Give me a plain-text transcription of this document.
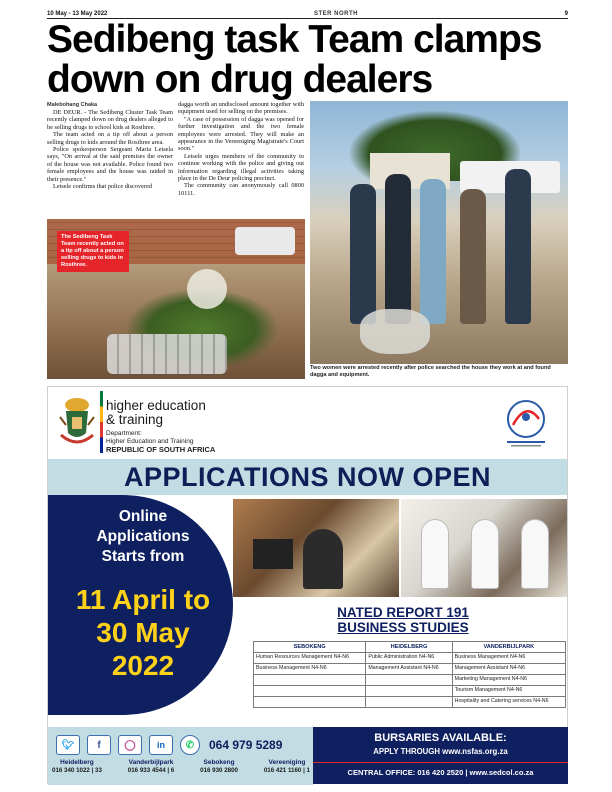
10 May - 13 May 2022	STER NORTH	9
Sedibeng task Team clamps down on drug dealers
Malebohang Chaka

DE DEUR. - The Sedibeng Cluster Task Team recently clamped down on drug dealers alleged to be selling drugs to school kids at Rosihree.

The team acted on a tip off about a person selling drugs to kids around the Rosihree area.

Police spokesperson Sergeant Maria Letsela says, "On arrival at the said premises the owner of the house was not available. Police found two female employees and the house was raided in their presence."

Letsele confirms that police discovered

dagga worth an undisclosed amount together with equipment used for selling on the premises.

"A case of possession of dagga was opened for further investigation and the two female employees were arrested. They will make an appearance in the Vereeniging Magistrate's Court soon."

Letsele urges members of the community to continue working with the police and giving out information regarding illegal activities taking place in the De Deur policing precinct.

The community can anonymously call 0800 10111.

The Sedibeng Task Team recently acted on a tip off about a person selling drugs to kids in Rosihree.
Two women were arrested recently after police searched the house they work at and found dagga and equipment.
higher education
& training
Department:
Higher Education and Training
REPUBLIC OF SOUTH AFRICA
APPLICATIONS NOW OPEN
Online
Applications
Starts from
11 April to
30 May
2022
NATED REPORT 191
BUSINESS STUDIES
SEBOKENG	HEIDELBERG	VANDERBIJLPARK
Human Resources Management N4-N6	Public Administration N4-N6	Business Management N4-N6
Business Management N4-N6	Management Assistant N4-N6	Management Assistant N4-N6
		Marketing Management N4-N6
		Tourism Management N4-N6
		Hospitality and Catering services N4-N6
🐦︎	f	◯	in	✆	064 979 5289
Heidelberg
016 340 1022 | 33
Vanderbijlpark
016 933 4544 | 6
Sebokeng
016 930 2800
Vereeniging
016 421 1160 | 1
BURSARIES AVAILABLE:
APPLY THROUGH www.nsfas.org.za
CENTRAL OFFICE: 016 420 2520 | www.sedcol.co.za
